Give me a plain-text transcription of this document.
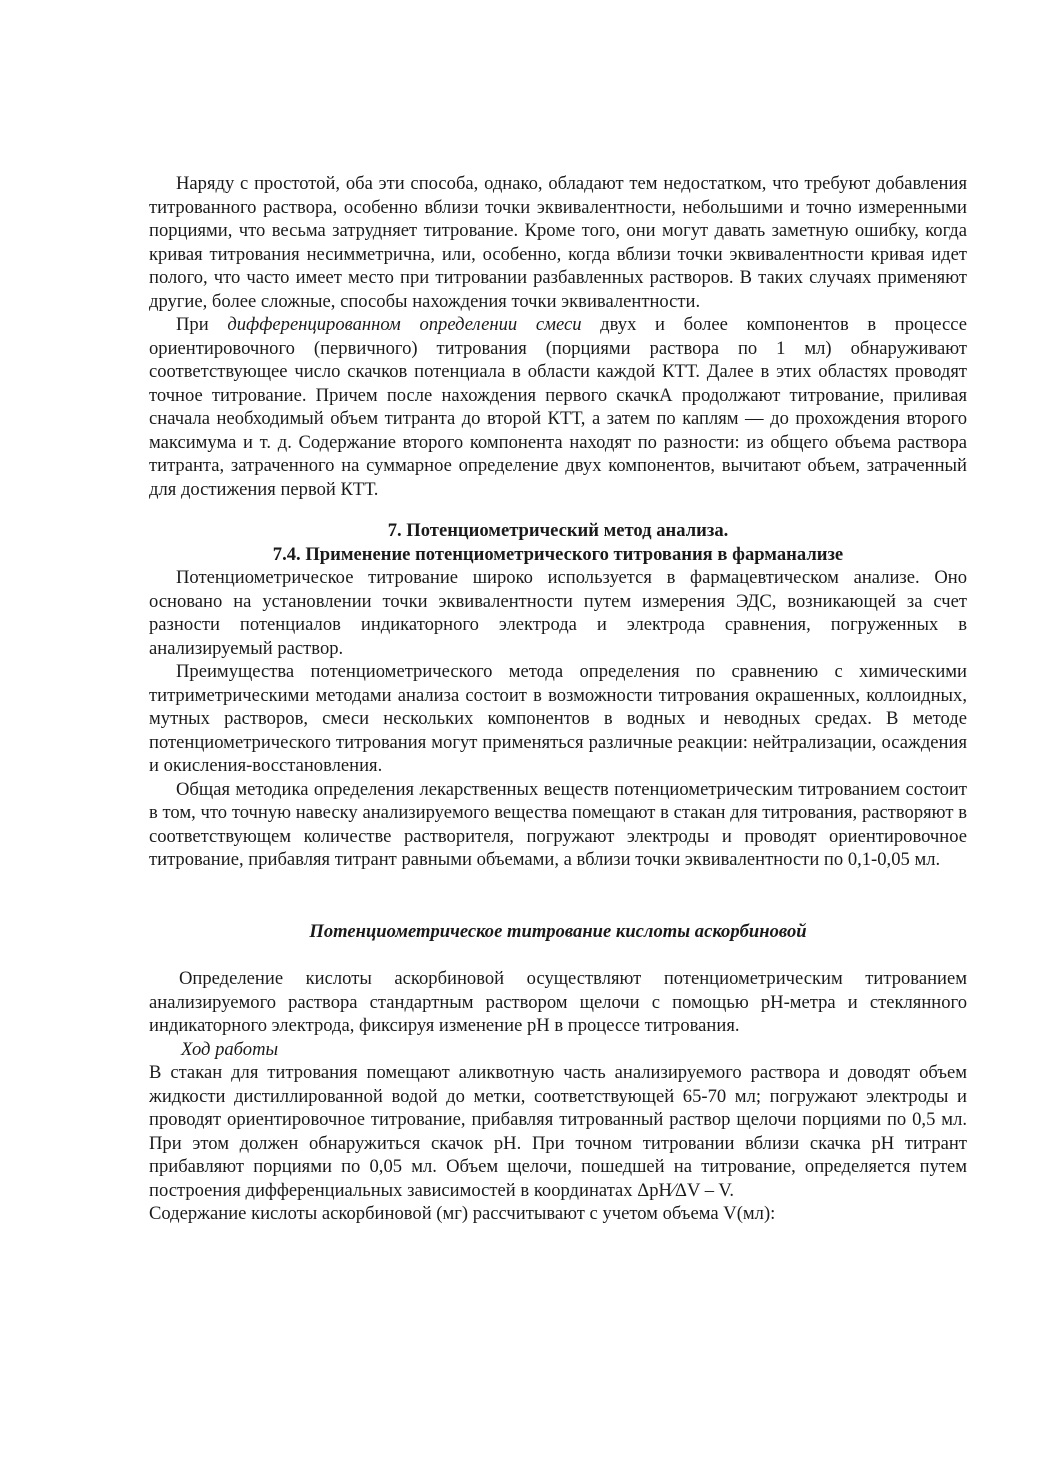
Наряду с простотой, оба эти способа, однако, обладают тем недостатком, что требуют добавления титрованного раствора, особенно вблизи точки эквивалентности, небольшими и точно измеренными порциями, что весьма затрудняет титрование. Кроме того, они могут давать заметную ошибку, когда кривая титрования несимметрична, или, особенно, когда вблизи точки эквивалентности кривая идет полого, что часто имеет место при титровании разбавленных растворов. В таких случаях применяют другие, более сложные, способы нахождения точки эквивалентности.

При дифференцированном определении смеси двух и более компонентов в процессе ориентировочного (первичного) титрования (порциями раствора по 1 мл) обнаруживают соответствующее число скачков потенциала в области каждой КТТ. Далее в этих областях проводят точное титрование. Причем после нахождения первого скачкА продолжают титрование, приливая сначала необходимый объем титранта до второй КТТ, а затем по каплям — до прохождения второго максимума и т. д. Содержание второго компонента находят по разности: из общего объема раствора титранта, затраченного на суммарное определение двух компонентов, вычитают объем, затраченный для достижения первой КТТ.

7. Потенциометрический метод анализа.

7.4. Применение потенциометрического титрования в фарманализе

Потенциометрическое титрование широко используется в фармацевтическом анализе. Оно основано на установлении точки эквивалентности путем измерения ЭДС, возникающей за счет разности потенциалов индикаторного электрода и электрода сравнения, погруженных в анализируемый раствор.

Преимущества потенциометрического метода определения по сравнению с химическими титриметрическими методами анализа состоит в возможности титрования окрашенных, коллоидных, мутных растворов, смеси нескольких компонентов в водных и неводных средах. В методе потенциометрического титрования могут применяться различные реакции: нейтрализации, осаждения и окисления-восстановления.

Общая методика определения лекарственных веществ потенциометрическим титрованием состоит в том, что точную навеску анализируемого вещества помещают в стакан для титрования, растворяют в соответствующем количестве растворителя, погружают электроды и проводят ориентировочное титрование, прибавляя титрант равными объемами, а вблизи точки эквивалентности по 0,1-0,05 мл.

Потенциометрическое титрование кислоты аскорбиновой

Определение кислоты аскорбиновой осуществляют потенциометрическим титрованием анализируемого раствора стандартным раствором щелочи с помощью pH-метра и стеклянного индикаторного электрода, фиксируя изменение pH в процессе титрования.

Ход работы

В стакан для титрования помещают аликвотную часть анализируемого раствора и доводят объем жидкости дистиллированной водой до метки, соответствующей 65-70 мл; погружают электроды и проводят ориентировочное титрование, прибавляя титрованный раствор щелочи порциями по 0,5 мл. При этом должен обнаружиться скачок pH. При точном титровании вблизи скачка pH титрант прибавляют порциями по 0,05 мл. Объем щелочи, пошедшей на титрование, определяется путем построения дифференциальных зависимостей в координатах ΔpH⁄ΔV – V.

Содержание кислоты аскорбиновой (мг) рассчитывают с учетом объема V(мл):
